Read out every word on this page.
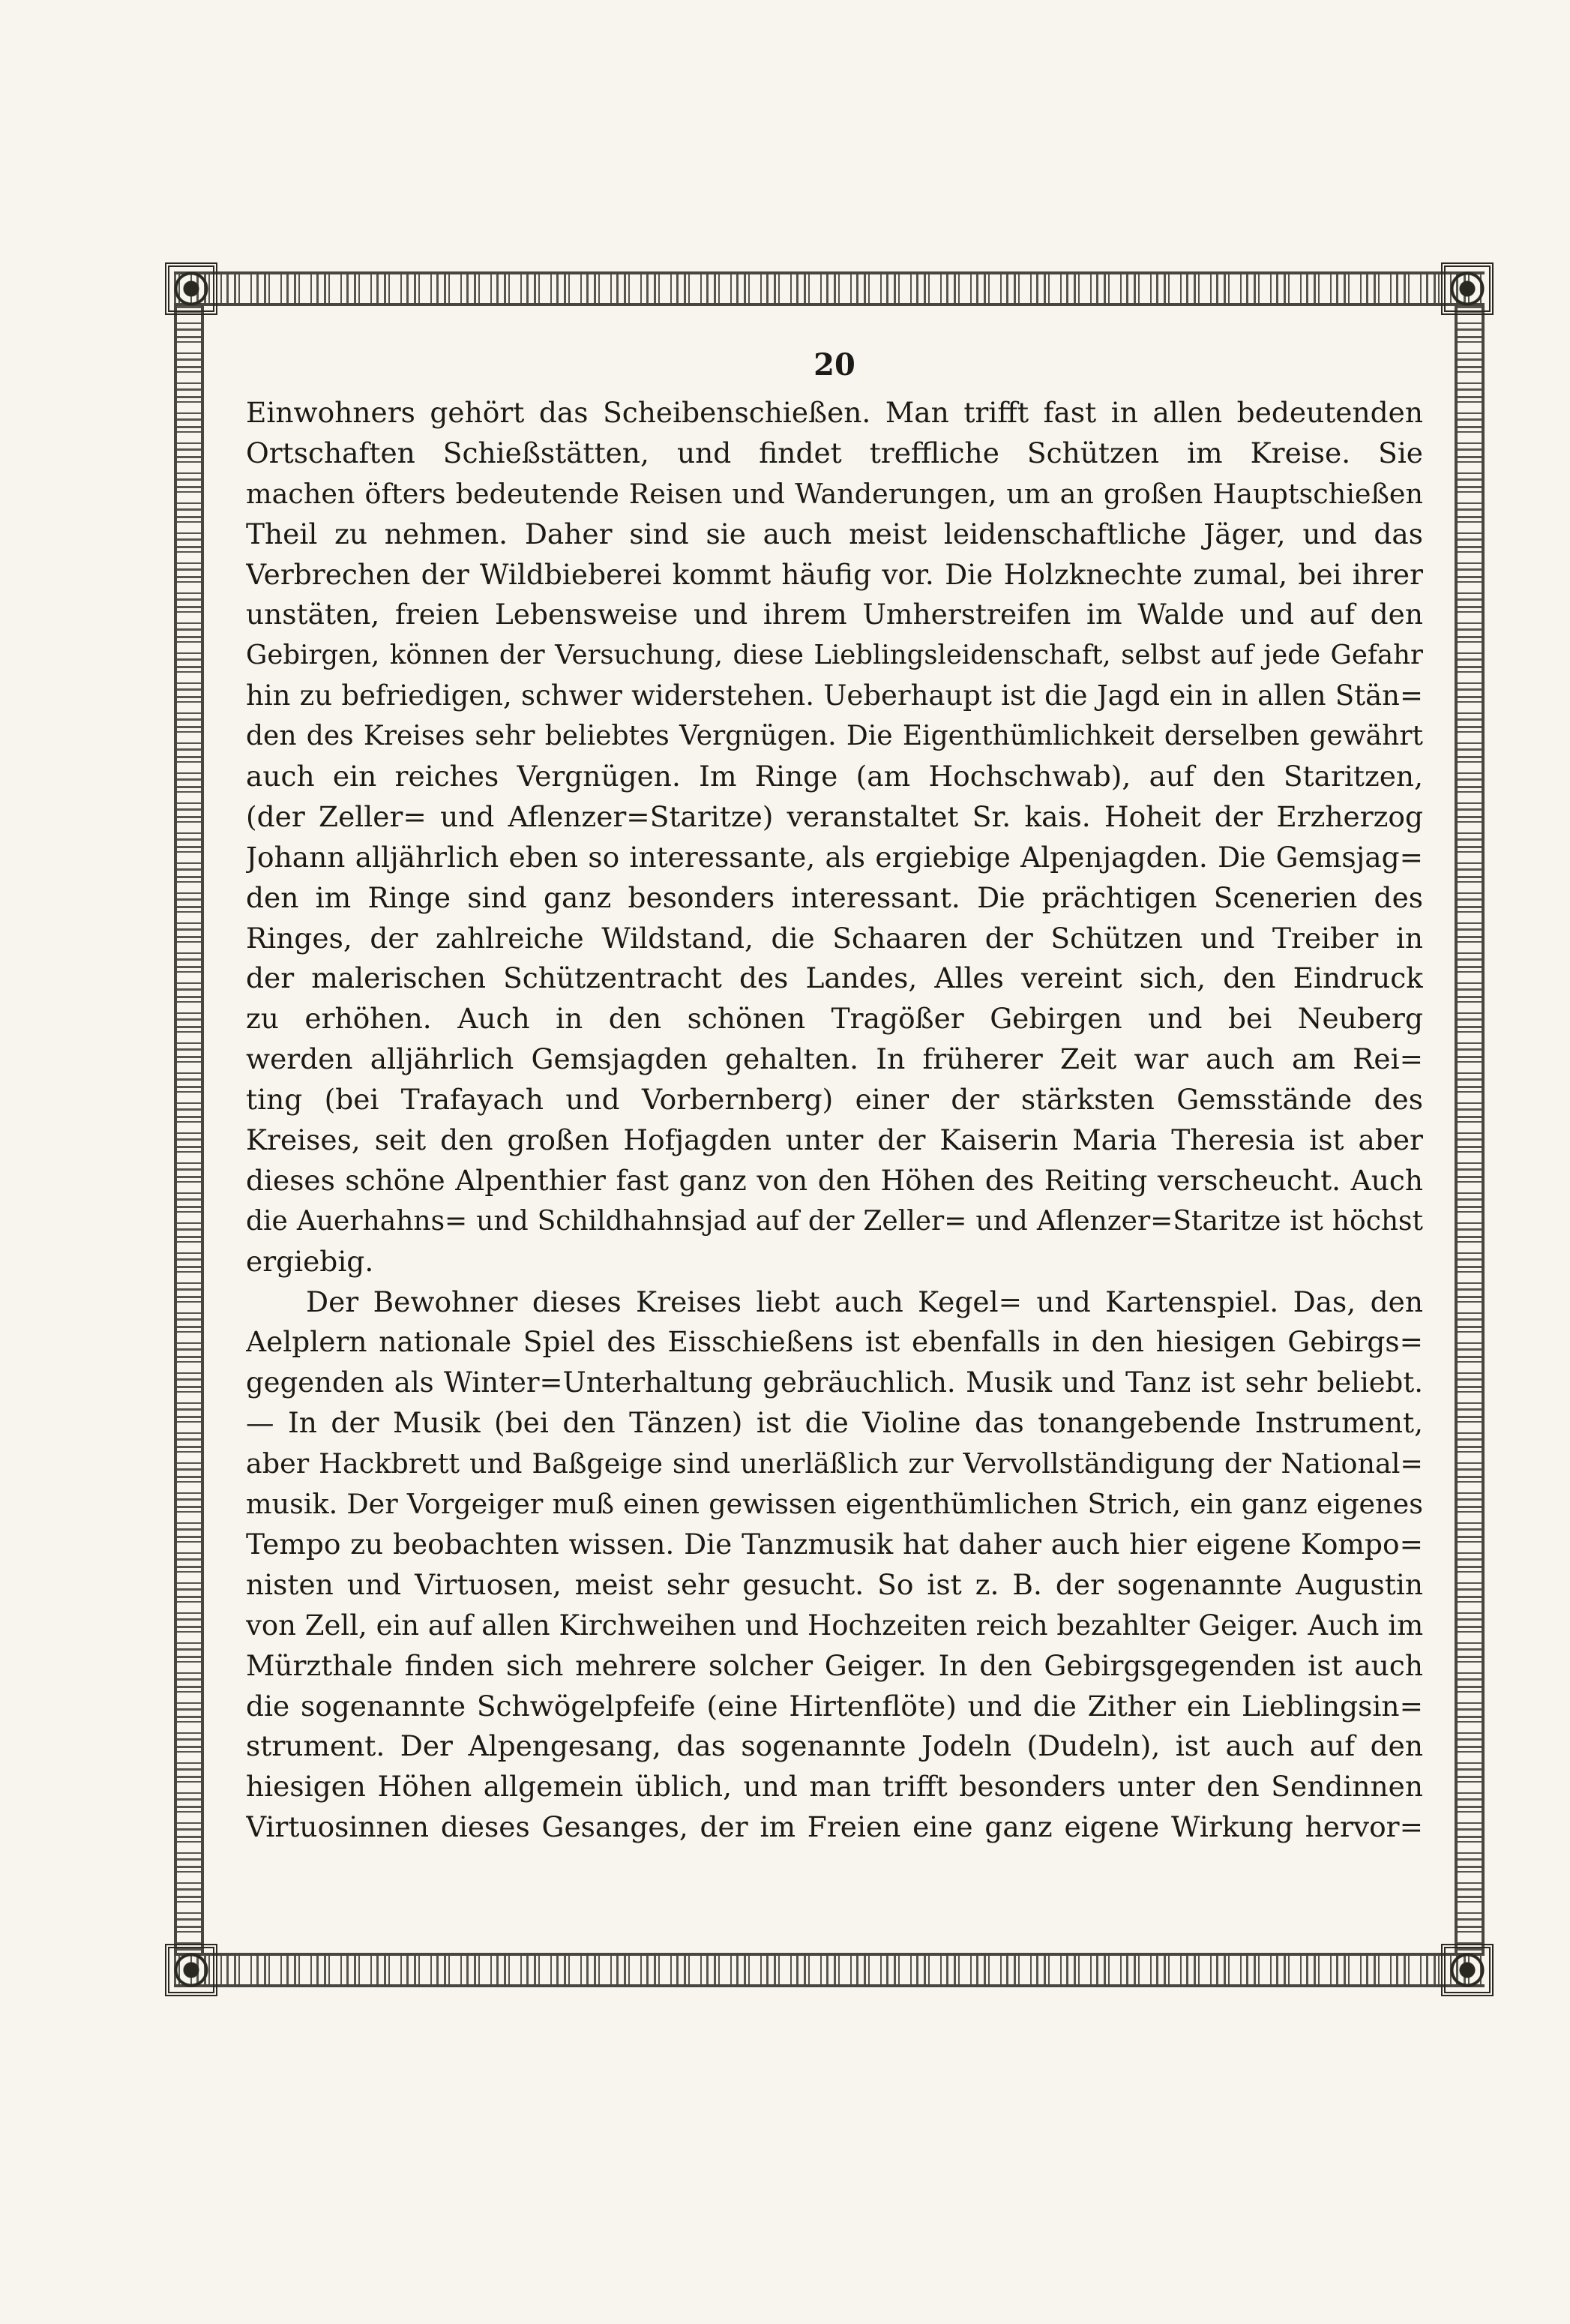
20
Einwohners gehört das Scheibenschießen. Man trifft fast in allen bedeutenden
Ortschaften Schießstätten, und findet treffliche Schützen im Kreise. Sie
machen öfters bedeutende Reisen und Wanderungen, um an großen Hauptschießen
Theil zu nehmen. Daher sind sie auch meist leidenschaftliche Jäger, und das
Verbrechen der Wildbieberei kommt häufig vor. Die Holzknechte zumal, bei ihrer
unstäten, freien Lebensweise und ihrem Umherstreifen im Walde und auf den
Gebirgen, können der Versuchung, diese Lieblingsleidenschaft, selbst auf jede Gefahr
hin zu befriedigen, schwer widerstehen. Ueberhaupt ist die Jagd ein in allen Stän=
den des Kreises sehr beliebtes Vergnügen. Die Eigenthümlichkeit derselben gewährt
auch ein reiches Vergnügen. Im Ringe (am Hochschwab), auf den Staritzen,
(der Zeller= und Aflenzer=Staritze) veranstaltet Sr. kais. Hoheit der Erzherzog
Johann alljährlich eben so interessante, als ergiebige Alpenjagden. Die Gemsjag=
den im Ringe sind ganz besonders interessant. Die prächtigen Scenerien des
Ringes, der zahlreiche Wildstand, die Schaaren der Schützen und Treiber in
der malerischen Schützentracht des Landes, Alles vereint sich, den Eindruck
zu erhöhen. Auch in den schönen Tragößer Gebirgen und bei Neuberg
werden alljährlich Gemsjagden gehalten. In früherer Zeit war auch am Rei=
ting (bei Trafayach und Vorbernberg) einer der stärksten Gemsstände des
Kreises, seit den großen Hofjagden unter der Kaiserin Maria Theresia ist aber
dieses schöne Alpenthier fast ganz von den Höhen des Reiting verscheucht. Auch
die Auerhahns= und Schildhahnsjad auf der Zeller= und Aflenzer=Staritze ist höchst
ergiebig.
Der Bewohner dieses Kreises liebt auch Kegel= und Kartenspiel. Das, den
Aelplern nationale Spiel des Eisschießens ist ebenfalls in den hiesigen Gebirgs=
gegenden als Winter=Unterhaltung gebräuchlich. Musik und Tanz ist sehr beliebt.
— In der Musik (bei den Tänzen) ist die Violine das tonangebende Instrument,
aber Hackbrett und Baßgeige sind unerläßlich zur Vervollständigung der National=
musik. Der Vorgeiger muß einen gewissen eigenthümlichen Strich, ein ganz eigenes
Tempo zu beobachten wissen. Die Tanzmusik hat daher auch hier eigene Kompo=
nisten und Virtuosen, meist sehr gesucht. So ist z. B. der sogenannte Augustin
von Zell, ein auf allen Kirchweihen und Hochzeiten reich bezahlter Geiger. Auch im
Mürzthale finden sich mehrere solcher Geiger. In den Gebirgsgegenden ist auch
die sogenannte Schwögelpfeife (eine Hirtenflöte) und die Zither ein Lieblingsin=
strument. Der Alpengesang, das sogenannte Jodeln (Dudeln), ist auch auf den
hiesigen Höhen allgemein üblich, und man trifft besonders unter den Sendinnen
Virtuosinnen dieses Gesanges, der im Freien eine ganz eigene Wirkung hervor=
